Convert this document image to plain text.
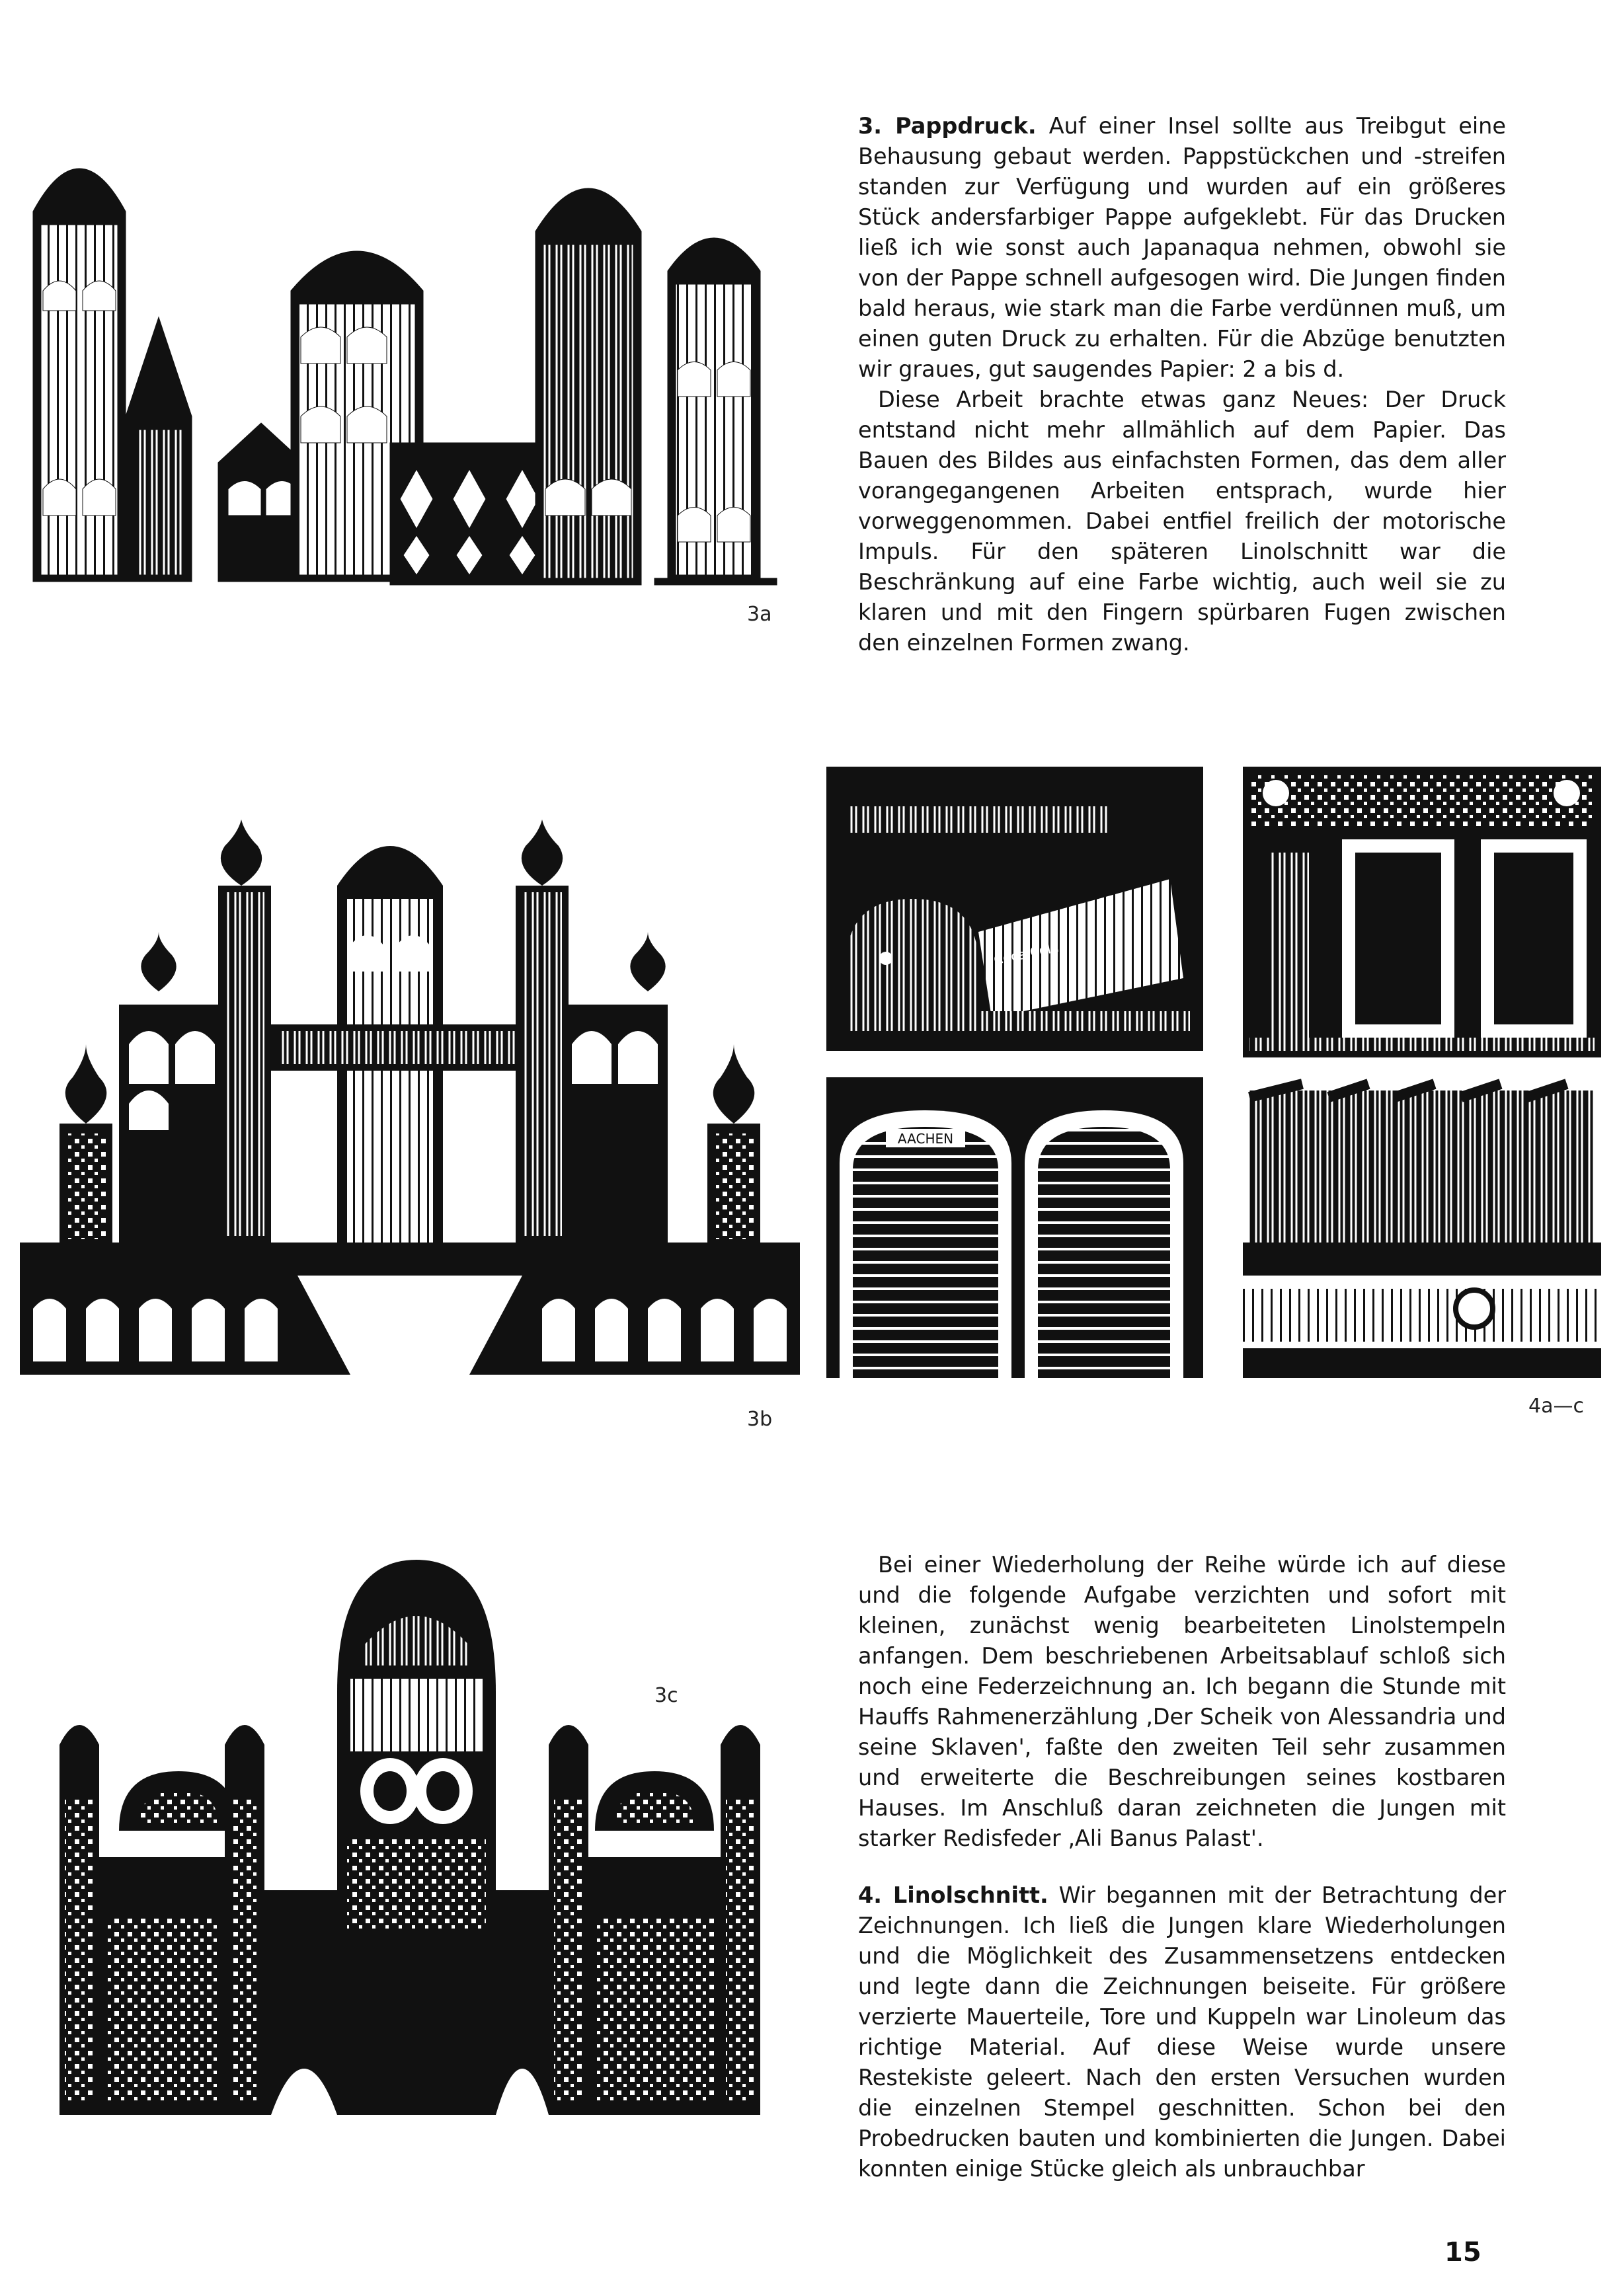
3a

3. Pappdruck. Auf einer Insel sollte aus Treibgut eine Behausung gebaut werden. Pappstückchen und -streifen standen zur Verfügung und wurden auf ein größeres Stück andersfarbiger Pappe aufgeklebt. Für das Drucken ließ ich wie sonst auch Japanaqua nehmen, obwohl sie von der Pappe schnell aufgesogen wird. Die Jungen finden bald heraus, wie stark man die Farbe verdünnen muß, um einen guten Druck zu erhalten. Für die Abzüge benutzten wir graues, gut saugendes Papier: 2 a bis d.

Diese Arbeit brachte etwas ganz Neues: Der Druck entstand nicht mehr allmählich auf dem Papier. Das Bauen des Bildes aus einfachsten Formen, das dem aller vorangegangenen Arbeiten entsprach, wurde hier vorweggenommen. Dabei entfiel freilich der motorische Impuls. Für den späteren Linolschnitt war die Beschränkung auf eine Farbe wichtig, auch weil sie zu klaren und mit den Fingern spürbaren Fugen zwischen den einzelnen Formen zwang.

3b
Coca Cola
AACHEN
4a—c
3c

Bei einer Wiederholung der Reihe würde ich auf diese und die folgende Aufgabe verzichten und sofort mit kleinen, zunächst wenig bearbeiteten Linolstempeln anfangen. Dem beschriebenen Arbeitsablauf schloß sich noch eine Federzeichnung an. Ich begann die Stunde mit Hauffs Rahmenerzählung ‚Der Scheik von Alessandria und seine Sklaven', faßte den zweiten Teil sehr zusammen und erweiterte die Beschreibungen seines kostbaren Hauses. Im Anschluß daran zeichneten die Jungen mit starker Redisfeder ‚Ali Banus Palast'.

4. Linolschnitt. Wir begannen mit der Betrachtung der Zeichnungen. Ich ließ die Jungen klare Wiederholungen und die Möglichkeit des Zusammensetzens entdecken und legte dann die Zeichnungen beiseite. Für größere verzierte Mauerteile, Tore und Kuppeln war Linoleum das richtige Material. Auf diese Weise wurde unsere Restekiste geleert. Nach den ersten Versuchen wurden die einzelnen Stempel geschnitten. Schon bei den Probedrucken bauten und kombinierten die Jungen. Dabei konnten einige Stücke gleich als unbrauchbar

15
